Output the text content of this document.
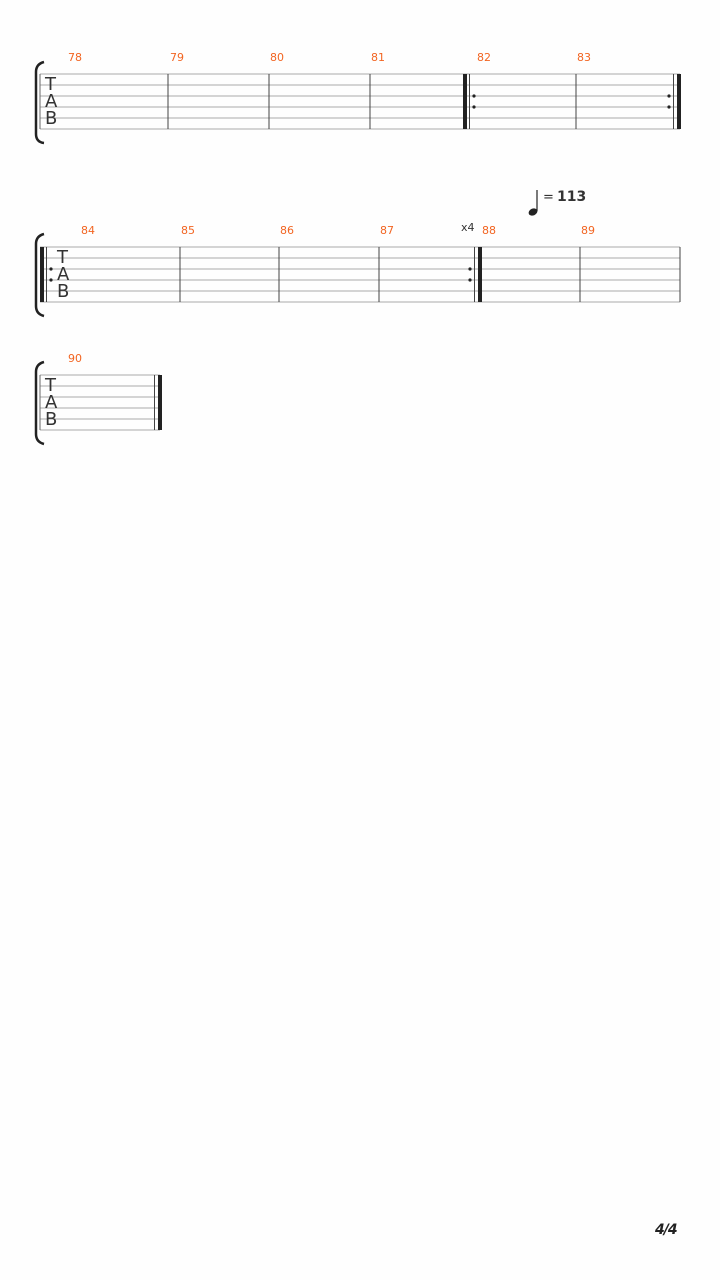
T
A
B
78	79	80	81	82	83
T
A
B
= 113
x4
84	85	86	87	88	89
T
A
B
90
4/4
